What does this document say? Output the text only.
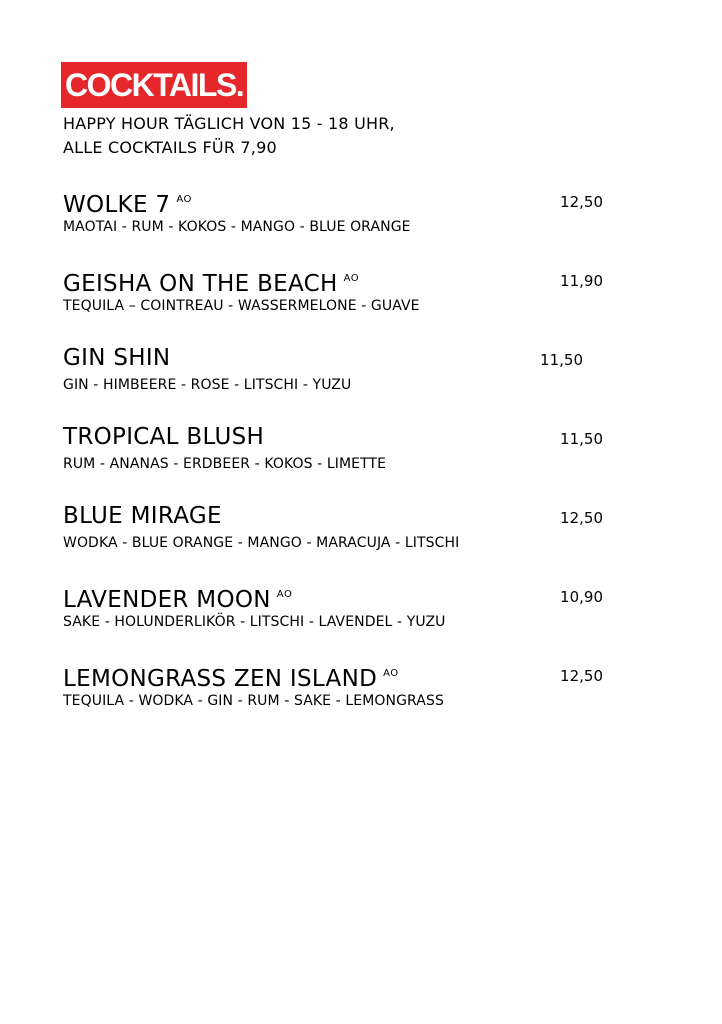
COCKTAILS.
HAPPY HOUR TÄGLICH VON 15 - 18 UHR,
ALLE COCKTAILS FÜR 7,90
WOLKE 7 $^{AO}$	12,50
MAOTAI - RUM - KOKOS - MANGO - BLUE ORANGE
GEISHA ON THE BEACH $^{AO}$	11,90
TEQUILA – COINTREAU - WASSERMELONE - GUAVE
GIN SHIN	11,50
GIN - HIMBEERE - ROSE - LITSCHI - YUZU
TROPICAL BLUSH	11,50
RUM - ANANAS - ERDBEER - KOKOS - LIMETTE
BLUE MIRAGE	12,50
WODKA - BLUE ORANGE - MANGO - MARACUJA - LITSCHI
LAVENDER MOON $^{AO}$	10,90
SAKE - HOLUNDERLIKÖR - LITSCHI - LAVENDEL - YUZU
LEMONGRASS ZEN ISLAND $^{AO}$	12,50
TEQUILA - WODKA - GIN - RUM - SAKE - LEMONGRASS
